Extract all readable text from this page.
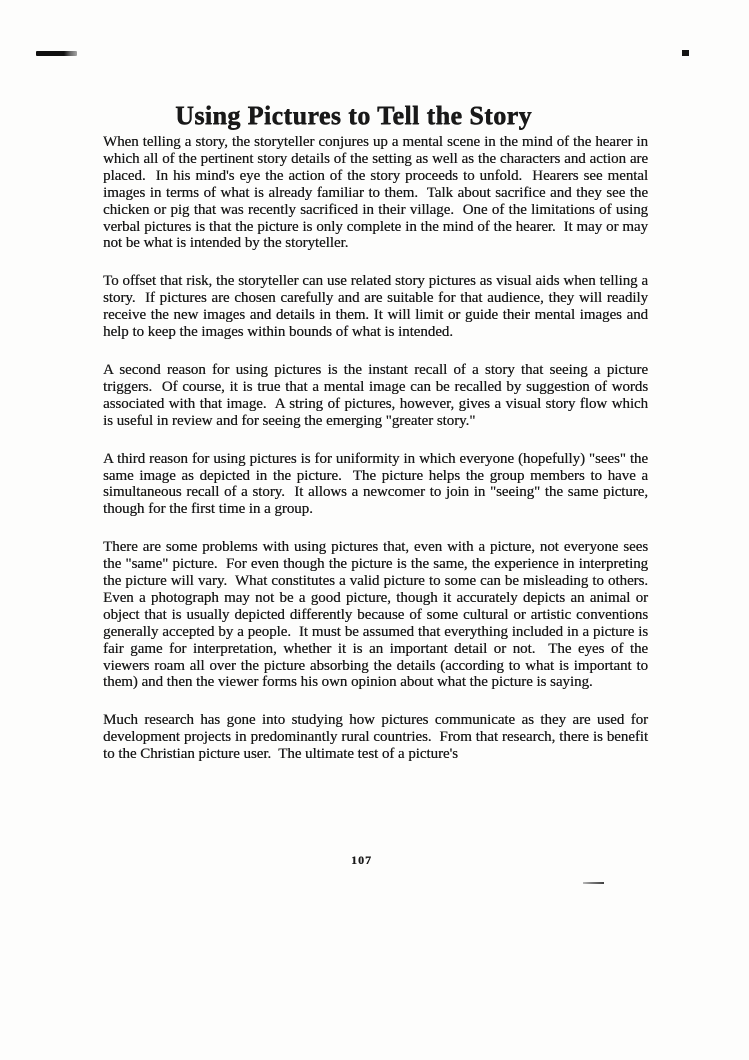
Using Pictures to Tell the Story

When telling a story, the storyteller conjures up a mental scene in the mind of the hearer in which all of the pertinent story details of the setting as well as the characters and action are placed.  In his mind's eye the action of the story proceeds to unfold.  Hearers see mental images in terms of what is already familiar to them.  Talk about sacrifice and they see the chicken or pig that was recently sacrificed in their village.  One of the limitations of using verbal pictures is that the picture is only complete in the mind of the hearer.  It may or may not be what is intended by the storyteller.

To offset that risk, the storyteller can use related story pictures as visual aids when telling a story.  If pictures are chosen carefully and are suitable for that audience, they will readily receive the new images and details in them. It will limit or guide their mental images and help to keep the images within bounds of what is intended.

A second reason for using pictures is the instant recall of a story that seeing a picture triggers.  Of course, it is true that a mental image can be recalled by suggestion of words associated with that image.  A string of pictures, however, gives a visual story flow which is useful in review and for seeing the emerging "greater story."

A third reason for using pictures is for uniformity in which everyone (hopefully) "sees" the same image as depicted in the picture.  The picture helps the group members to have a simultaneous recall of a story.  It allows a newcomer to join in "seeing" the same picture, though for the first time in a group.

There are some problems with using pictures that, even with a picture, not everyone sees the "same" picture.  For even though the picture is the same, the experience in interpreting the picture will vary.  What constitutes a valid picture to some can be misleading to others.  Even a photograph may not be a good picture, though it accurately depicts an animal or object that is usually depicted differently because of some cultural or artistic conventions generally accepted by a people.  It must be assumed that everything included in a picture is fair game for interpretation, whether it is an important detail or not.  The eyes of the viewers roam all over the picture absorbing the details (according to what is important to them) and then the viewer forms his own opinion about what the picture is saying.

Much research has gone into studying how pictures communicate as they are used for development projects in predominantly rural countries.  From that research, there is benefit to the Christian picture user.  The ultimate test of a picture's

107
